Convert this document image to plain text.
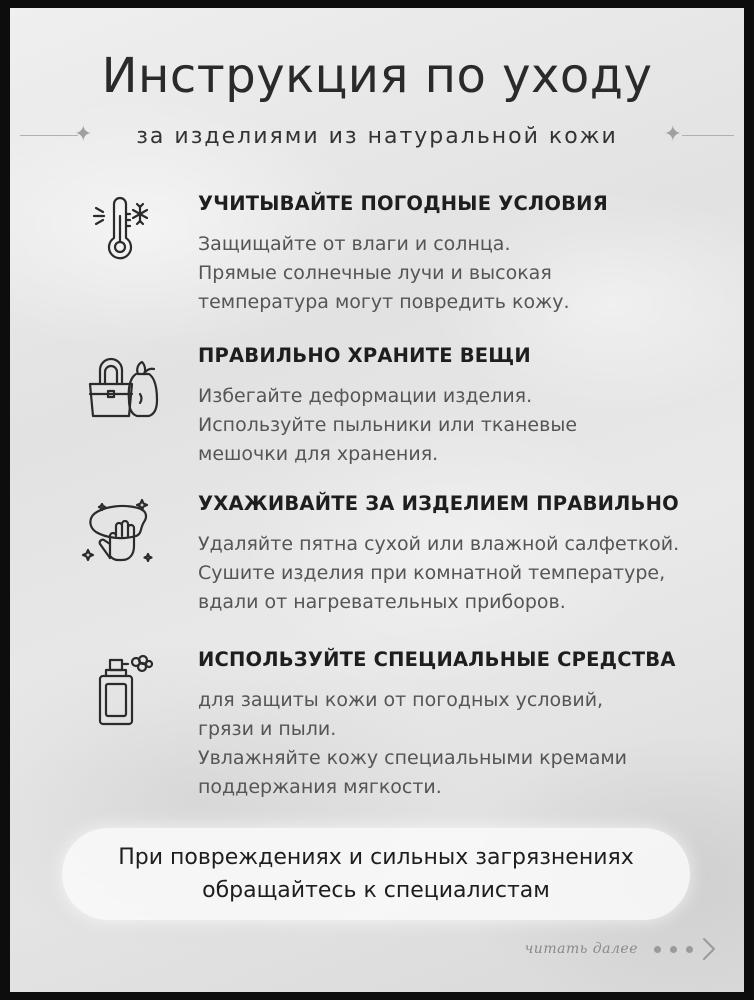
Инструкция по уходу
✦	за изделиями из натуральной кожи	✦
УЧИТЫВАЙТЕ ПОГОДНЫЕ УСЛОВИЯ
Защищайте от влаги и солнца.
Прямые солнечные лучи и высокая
температура могут повредить кожу.
ПРАВИЛЬНО ХРАНИТЕ ВЕЩИ
Избегайте деформации изделия.
Используйте пыльники или тканевые
мешочки для хранения.
УХАЖИВАЙТЕ ЗА ИЗДЕЛИЕМ ПРАВИЛЬНО
Удаляйте пятна сухой или влажной салфеткой.
Сушите изделия при комнатной температуре,
вдали от нагревательных приборов.
ИСПОЛЬЗУЙТЕ СПЕЦИАЛЬНЫЕ СРЕДСТВА
для защиты кожи от погодных условий,
грязи и пыли.
Увлажняйте кожу специальными кремами
поддержания мягкости.
При повреждениях и сильных загрязнениях
обращайтесь к специалистам
читать далее
